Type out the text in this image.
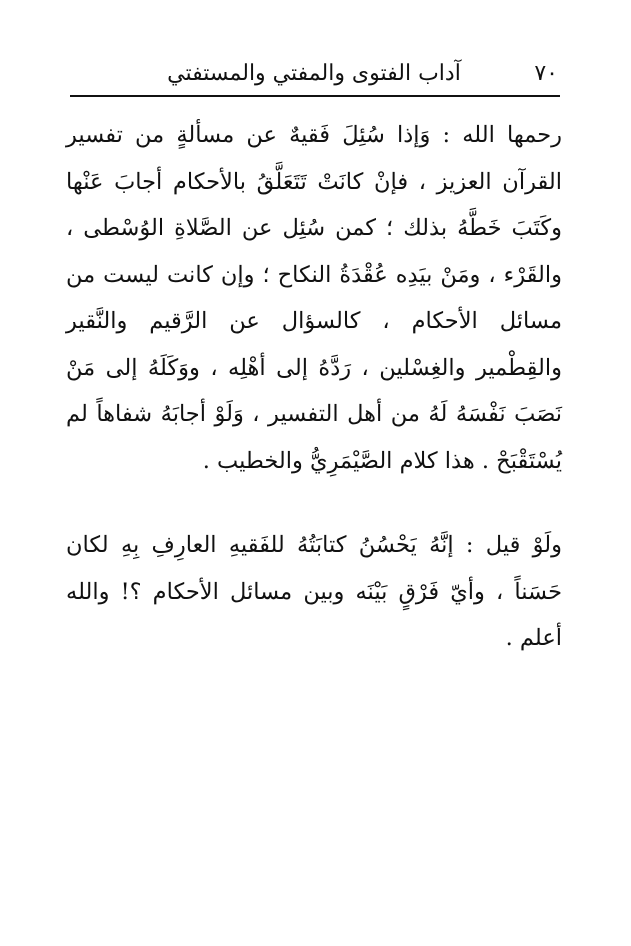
٧٠
آداب الفتوى والمفتي والمستفتي

رحمها الله : وَإذا سُئِلَ فَقيهٌ عن مسألةٍ من تفسير القرآن العزيز ، فإنْ كانَتْ تَتَعَلَّقُ بالأحكام أجابَ عَنْها وكَتَبَ خَطَّهُ بذلك ؛ كمن سُئِل عن الصَّلاةِ الوُسْطى ، والقَرْء ، ومَنْ بيَدِه عُقْدَةُ النكاح ؛ وإن كانت ليست من مسائل الأحكام ، كالسؤال عن الرَّقيم والنَّقير والقِطْمير والغِسْلين ، رَدَّهُ إلى أهْلِه ، ووَكَلَهُ إلى مَنْ نَصَبَ نَفْسَهُ لَهُ من أهل التفسير ، وَلَوْ أجابَهُ شفاهاً لم يُسْتَقْبَحْ . هذا كلام الصَّيْمَرِيُّ والخطيب .

ولَوْ قيل : إنَّهُ يَحْسُنُ كتابَتُهُ للفَقيهِ العارِفِ بِهِ لكان حَسَناً ، وأيّ فَرْقٍ بَيْنَه وبين مسائل الأحكام ؟! والله أعلم .
